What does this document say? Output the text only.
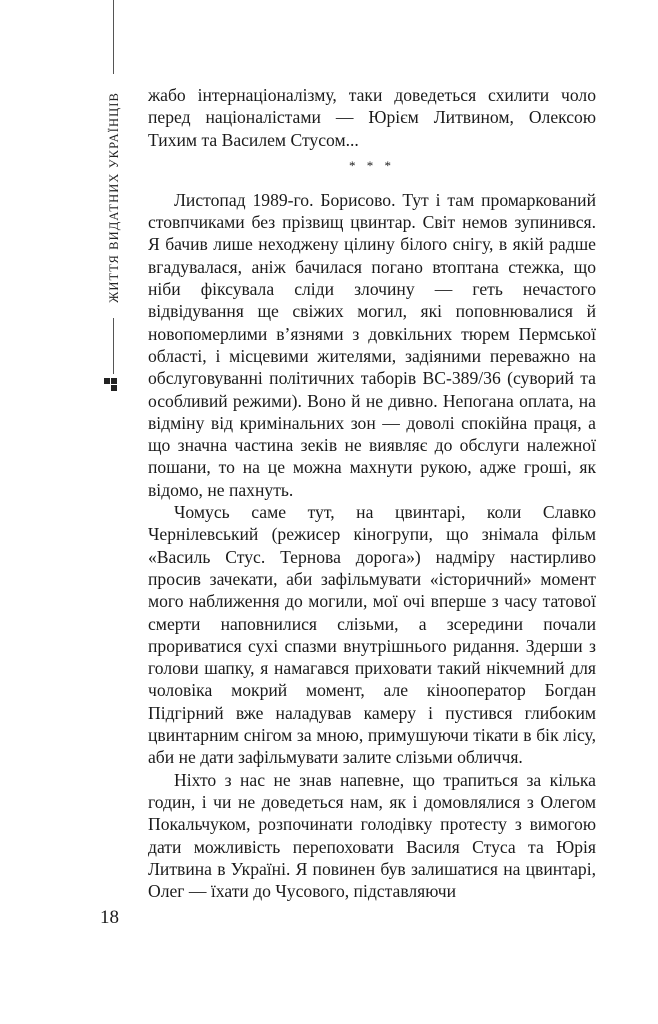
ЖИТТЯ ВИДАТНИХ УКРАЇНЦІВ жабо інтернаціоналізму, таки доведеться схилити чоло перед націоналістами — Юрієм Литвином, Олексою Тихим та Василем Стусом...

* * *

Листопад 1989-го. Борисово. Тут і там промаркований стовпчиками без прізвищ цвинтар. Світ немов зупинився. Я бачив лише неходжену цілину білого снігу, в якій радше вгадувалася, аніж бачилася погано втоптана стежка, що ніби фіксувала сліди злочину — геть нечастого відвідування ще свіжих могил, які поповнювалися й новопомерлими в’язнями з довкільних тюрем Пермської області, і місцевими жителями, задіяними переважно на обслуговуванні політичних таборів ВС-389/36 (суворий та особливий режими). Воно й не дивно. Непогана оплата, на відміну від кримінальних зон — доволі спокійна праця, а що значна частина зеків не виявляє до обслуги належної пошани, то на це можна махнути рукою, адже гроші, як відомо, не пахнуть.

Чомусь саме тут, на цвинтарі, коли Славко Чернілевський (режисер кіногрупи, що знімала фільм «Василь Стус. Тернова дорога») надміру настирливо просив зачекати, аби зафільмувати «історичний» момент мого наближення до могили, мої очі вперше з часу татової смерти наповнилися слізьми, а зсередини почали прориватися сухі спазми внутрішнього ридання. Здерши з голови шапку, я намагався приховати такий нікчемний для чоловіка мокрий момент, але кінооператор Богдан Підгірний вже наладував камеру і пустився глибоким цвинтарним снігом за мною, примушуючи тікати в бік лісу, аби не дати зафільмувати залите слізьми обличчя.

Ніхто з нас не знав напевне, що трапиться за кілька годин, і чи не доведеться нам, як і домовлялися з Олегом Покальчуком, розпочинати голодівку протесту з вимогою дати можливість перепоховати Василя Стуса та Юрія Литвина в Україні. Я повинен був залишатися на цвинтарі, Олег — їхати до Чусового, підставляючи

18
